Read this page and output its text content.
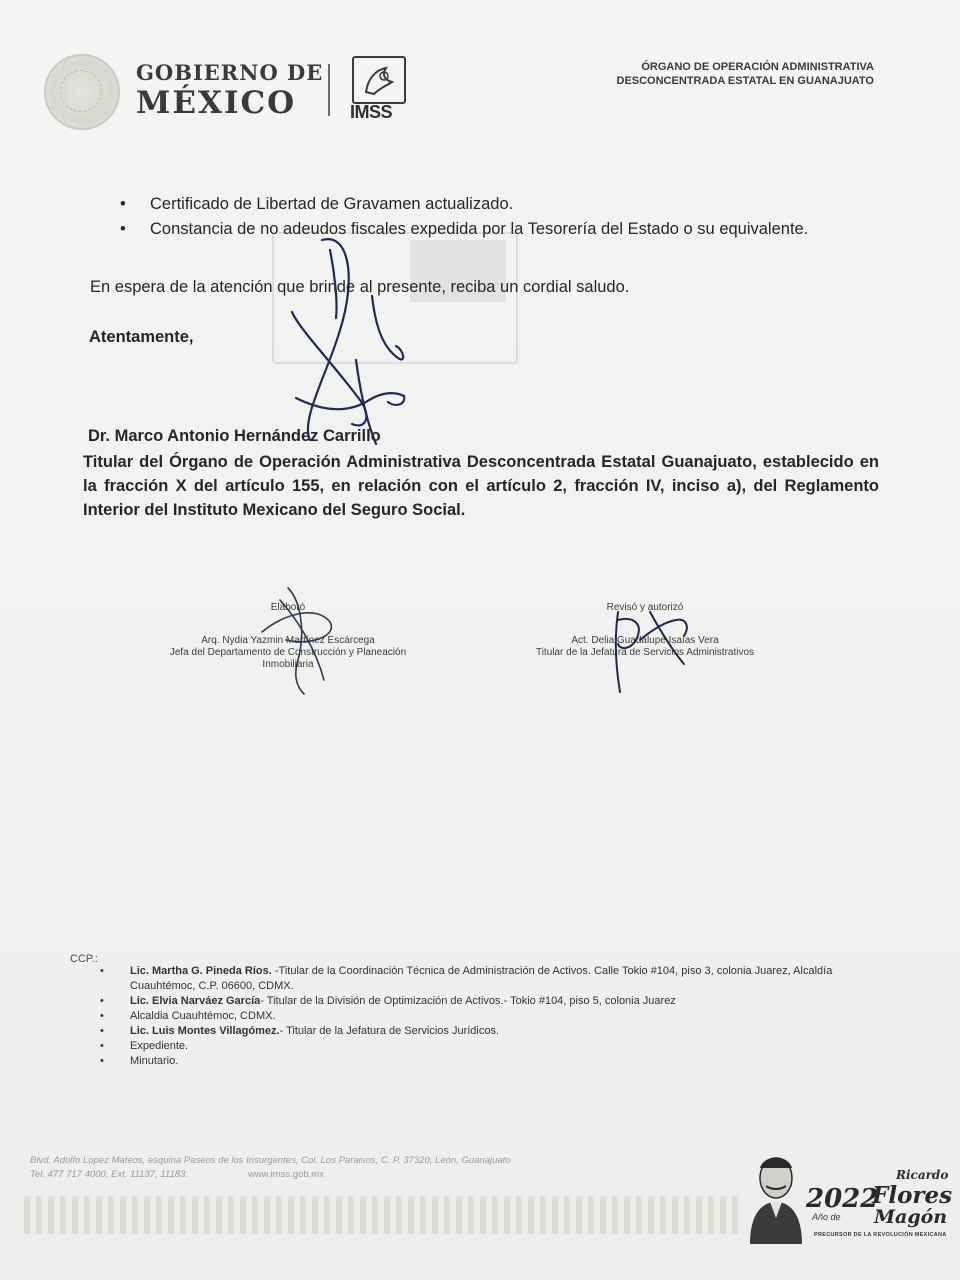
GOBIERNO DE
MÉXICO	IMSS
ÓRGANO DE OPERACIÓN ADMINISTRATIVA
DESCONCENTRADA ESTATAL EN GUANAJUATO
• Certificado de Libertad de Gravamen actualizado.
• Constancia de no adeudos fiscales expedida por la Tesorería del Estado o su equivalente.
En espera de la atención que brinde al presente, reciba un cordial saludo.
Atentamente,
Dr. Marco Antonio Hernández Carrillo
Titular del Órgano de Operación Administrativa Desconcentrada Estatal Guanajuato, establecido en la fracción X del artículo 155, en relación con el artículo 2, fracción IV, inciso a), del Reglamento Interior del Instituto Mexicano del Seguro Social.
Elaboró
Arq. Nydia Yazmin Martínez Escárcega
Jefa del Departamento de Construcción y Planeación
Inmobiliaria
Revisó y autorizó
Act. Delia Guadalupe Isaías Vera
Titular de la Jefatura de Servicios Administrativos
CCP.:
• Lic. Martha G. Pineda Ríos. -Titular de la Coordinación Técnica de Administración de Activos. Calle Tokio #104, piso 3, colonia Juarez, Alcaldía Cuauhtémoc, C.P. 06600, CDMX.
• Lic. Elvia Narváez García- Titular de la División de Optimización de Activos.- Tokio #104, piso 5, colonia Juarez
• Alcaldia Cuauhtémoc, CDMX.
• Lic. Luis Montes Villagómez.- Titular de la Jefatura de Servicios Jurídicos.
• Expediente.
• Minutario.
Blvd. Adolfo Lopez Mateos, esquina Paseos de los Insurgentes, Col. Los Paraisos, C. P. 37320, León, Guanajuato
Tel. 477 717 4000, Ext. 11137, 11183.	www.imss.gob.mx
2022
Año de
Ricardo
Flores
Magón
PRECURSOR DE LA REVOLUCIÓN MEXICANA
